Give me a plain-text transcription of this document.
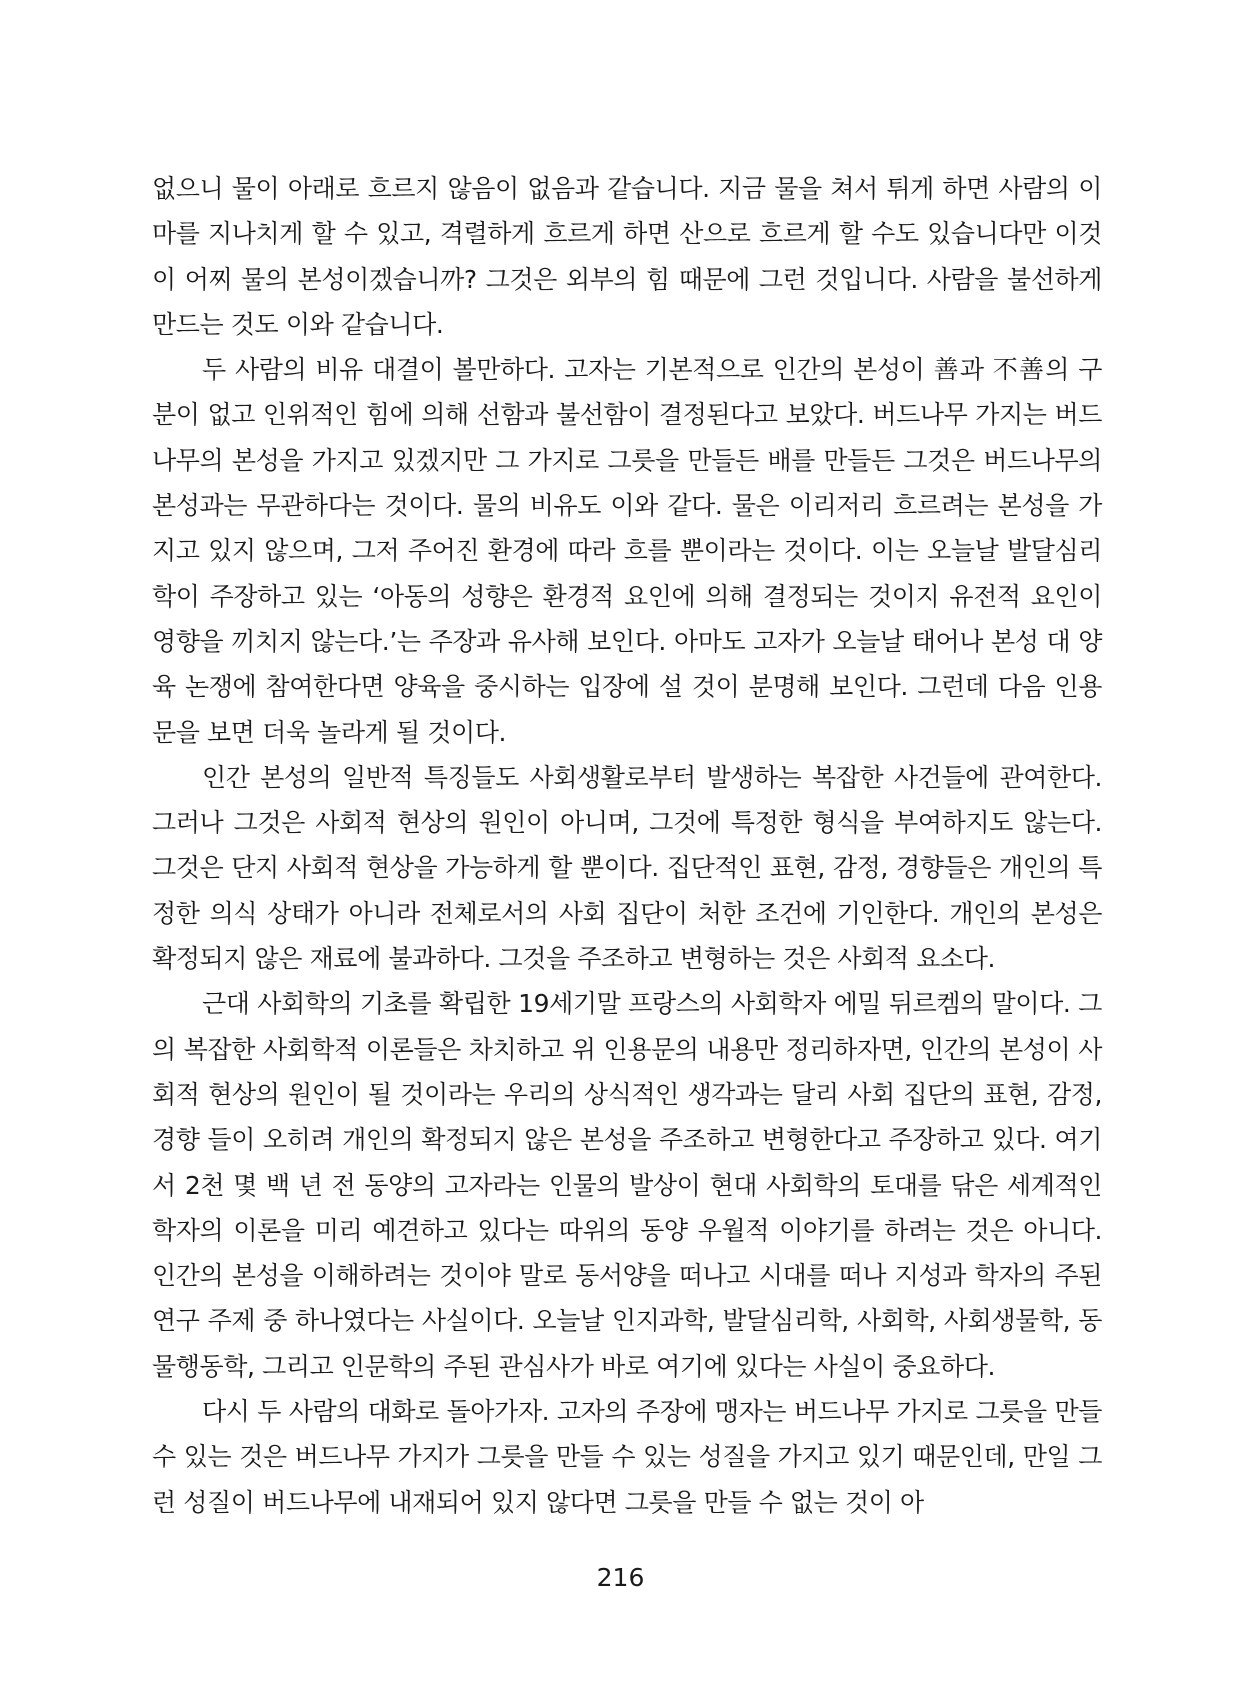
없으니 물이 아래로 흐르지 않음이 없음과 같습니다. 지금 물을 쳐서 튀게 하면 사람의 이마를 지나치게 할 수 있고, 격렬하게 흐르게 하면 산으로 흐르게 할 수도 있습니다만 이것이 어찌 물의 본성이겠습니까? 그것은 외부의 힘 때문에 그런 것입니다. 사람을 불선하게 만드는 것도 이와 같습니다.

두 사람의 비유 대결이 볼만하다. 고자는 기본적으로 인간의 본성이 善과 不善의 구분이 없고 인위적인 힘에 의해 선함과 불선함이 결정된다고 보았다. 버드나무 가지는 버드나무의 본성을 가지고 있겠지만 그 가지로 그릇을 만들든 배를 만들든 그것은 버드나무의 본성과는 무관하다는 것이다. 물의 비유도 이와 같다. 물은 이리저리 흐르려는 본성을 가지고 있지 않으며, 그저 주어진 환경에 따라 흐를 뿐이라는 것이다. 이는 오늘날 발달심리학이 주장하고 있는 ‘아동의 성향은 환경적 요인에 의해 결정되는 것이지 유전적 요인이 영향을 끼치지 않는다.’는 주장과 유사해 보인다. 아마도 고자가 오늘날 태어나 본성 대 양육 논쟁에 참여한다면 양육을 중시하는 입장에 설 것이 분명해 보인다. 그런데 다음 인용문을 보면 더욱 놀라게 될 것이다.

인간 본성의 일반적 특징들도 사회생활로부터 발생하는 복잡한 사건들에 관여한다. 그러나 그것은 사회적 현상의 원인이 아니며, 그것에 특정한 형식을 부여하지도 않는다. 그것은 단지 사회적 현상을 가능하게 할 뿐이다. 집단적인 표현, 감정, 경향들은 개인의 특정한 의식 상태가 아니라 전체로서의 사회 집단이 처한 조건에 기인한다. 개인의 본성은 확정되지 않은 재료에 불과하다. 그것을 주조하고 변형하는 것은 사회적 요소다.

근대 사회학의 기초를 확립한 19세기말 프랑스의 사회학자 에밀 뒤르켐의 말이다. 그의 복잡한 사회학적 이론들은 차치하고 위 인용문의 내용만 정리하자면, 인간의 본성이 사회적 현상의 원인이 될 것이라는 우리의 상식적인 생각과는 달리 사회 집단의 표현, 감정, 경향 들이 오히려 개인의 확정되지 않은 본성을 주조하고 변형한다고 주장하고 있다. 여기서 2천 몇 백 년 전 동양의 고자라는 인물의 발상이 현대 사회학의 토대를 닦은 세계적인 학자의 이론을 미리 예견하고 있다는 따위의 동양 우월적 이야기를 하려는 것은 아니다. 인간의 본성을 이해하려는 것이야 말로 동서양을 떠나고 시대를 떠나 지성과 학자의 주된 연구 주제 중 하나였다는 사실이다. 오늘날 인지과학, 발달심리학, 사회학, 사회생물학, 동물행동학, 그리고 인문학의 주된 관심사가 바로 여기에 있다는 사실이 중요하다.

다시 두 사람의 대화로 돌아가자. 고자의 주장에 맹자는 버드나무 가지로 그릇을 만들 수 있는 것은 버드나무 가지가 그릇을 만들 수 있는 성질을 가지고 있기 때문인데, 만일 그런 성질이 버드나무에 내재되어 있지 않다면 그릇을 만들 수 없는 것이 아

216
